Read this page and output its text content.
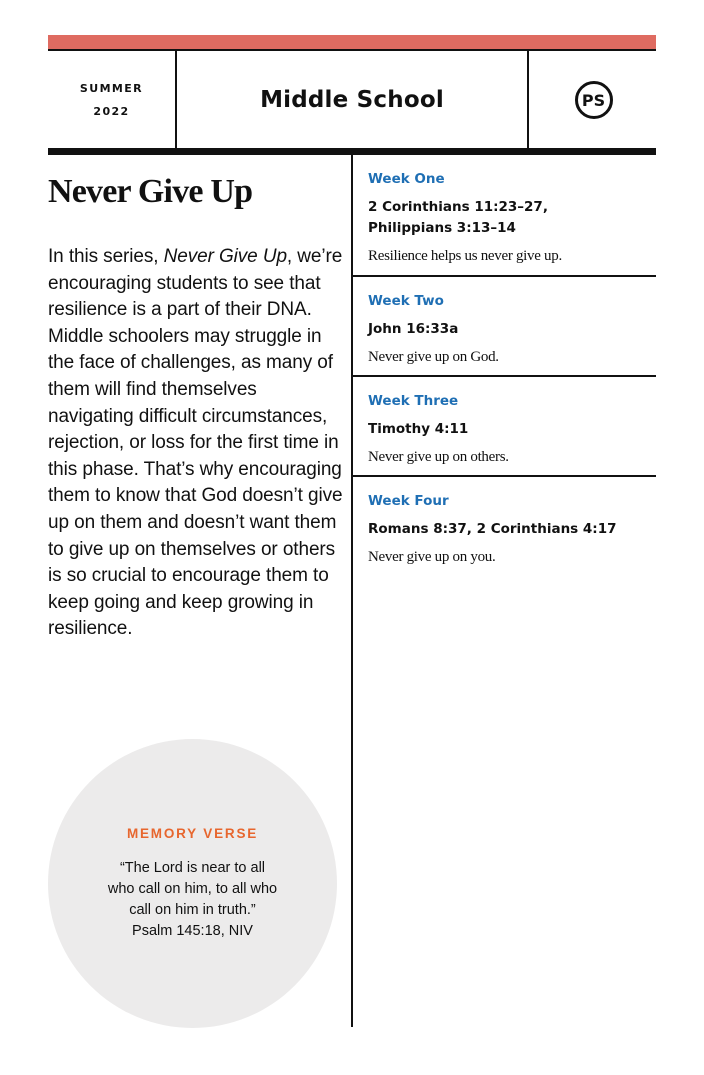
SUMMER
2022	Middle School	PS
Never Give Up
In this series, Never Give Up, we’re encouraging students to see that resilience is a part of their DNA. Middle schoolers may struggle in the face of challenges, as many of them will find themselves navigating difficult circumstances, rejection, or loss for the first time in this phase. That’s why encouraging them to know that God doesn’t give up on them and doesn’t want them to give up on themselves or others is so crucial to encourage them to keep going and keep growing in resilience.
MEMORY VERSE
“The Lord is near to all
who call on him, to all who
call on him in truth.”
Psalm 145:18, NIV
Week One
2 Corinthians 11:23–27,
Philippians 3:13–14
Resilience helps us never give up.
Week Two
John 16:33a
Never give up on God.
Week Three
Timothy 4:11
Never give up on others.
Week Four
Romans 8:37, 2 Corinthians 4:17
Never give up on you.
